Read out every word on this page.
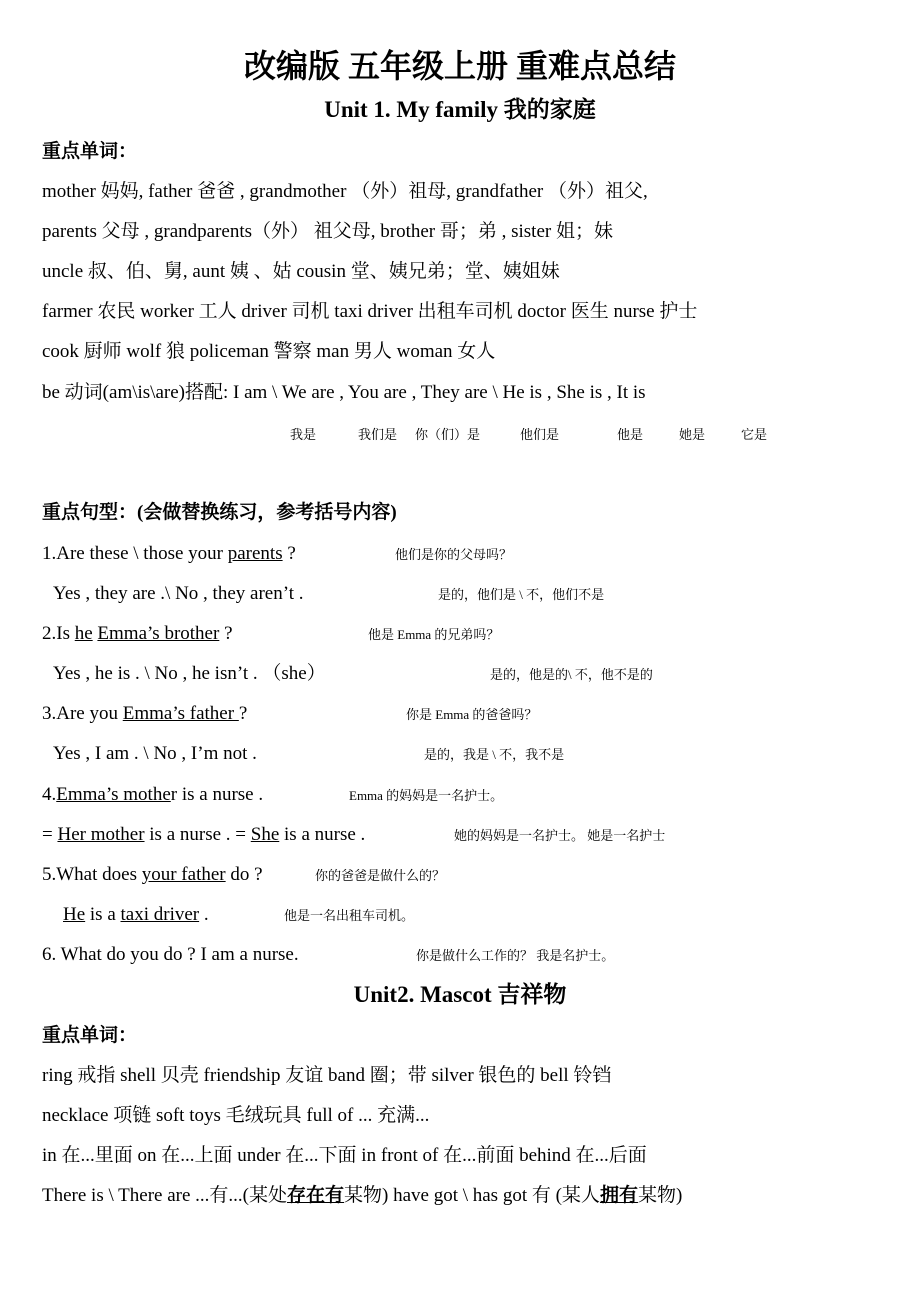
改编版 五年级上册 重难点总结
Unit 1. My family 我的家庭
重点单词：
mother 妈妈, father 爸爸 , grandmother （外）祖母, grandfather （外）祖父,
parents 父母 , grandparents（外） 祖父母, brother 哥；弟 , sister 姐；妹
uncle 叔、伯、舅, aunt 姨 、姑 cousin 堂、姨兄弟；堂、姨姐妹
farmer 农民 worker 工人 driver 司机 taxi driver 出租车司机 doctor 医生 nurse 护士
cook 厨师 wolf 狼 policeman 警察 man 男人 woman 女人
be 动词(am\is\are)搭配: I am \ We are , You are , They are \ He is , She is , It is
我是	我们是 你（们）是	他们是	他是	她是	它是
重点句型：(会做替换练习，参考括号内容)
1.Are these \ those your parents ?	他们是你的父母吗？
Yes , they are .\ No , they aren’t .	是的，他们是 \ 不，他们不是
2.Is he Emma’s brother ?	他是 Emma 的兄弟吗？
Yes , he is . \ No , he isn’t . （she）	是的，他是的\ 不，他不是的
3.Are you Emma’s father ?	你是 Emma 的爸爸吗？
Yes , I am . \ No , I’m not .	是的，我是 \ 不，我不是
4.Emma’s mother is a nurse .	Emma 的妈妈是一名护士。
= Her mother is a nurse . = She is a nurse .	她的妈妈是一名护士。 她是一名护士
5.What does your father do ?	你的爸爸是做什么的？
He is a taxi driver .	他是一名出租车司机。
6. What do you do ? I am a nurse.	你是做什么工作的？ 我是名护士。
Unit2. Mascot 吉祥物
重点单词：
ring 戒指 shell 贝壳 friendship 友谊 band 圈；带 silver 银色的 bell 铃铛
necklace 项链 soft toys 毛绒玩具 full of ... 充满...
in 在...里面 on 在...上面 under 在...下面 in front of 在...前面 behind 在...后面
There is \ There are ...有...(某处存在有某物) have got \ has got 有 (某人拥有某物)
